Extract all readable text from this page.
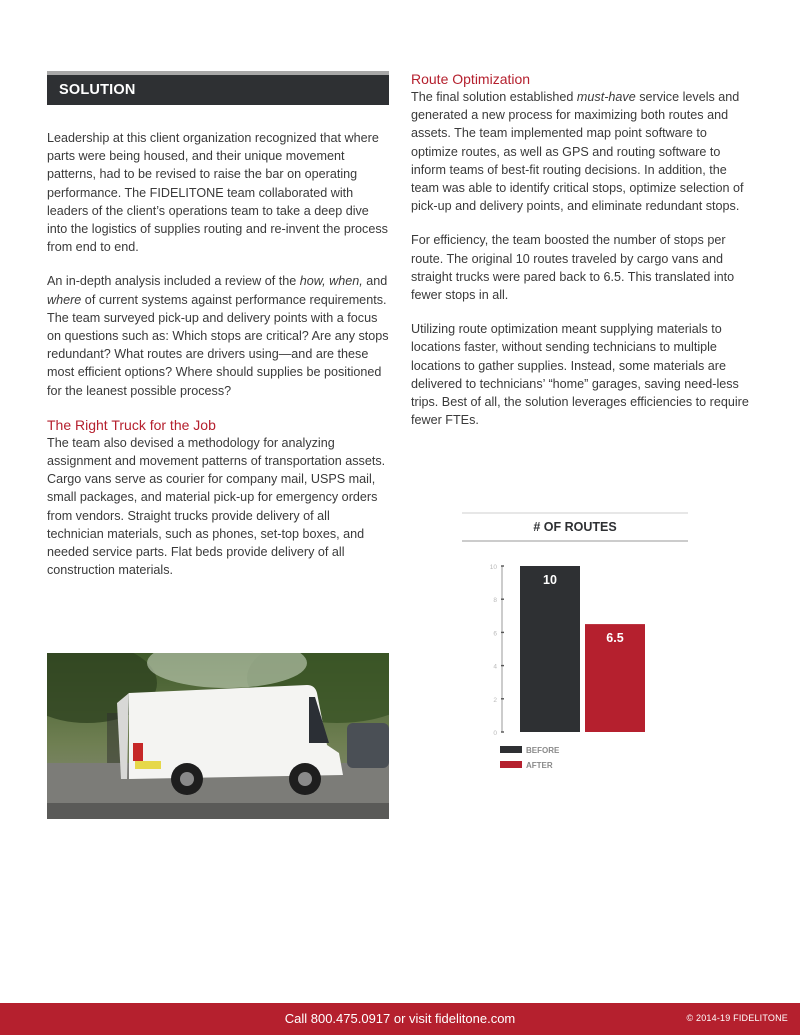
SOLUTION

Leadership at this client organization recognized that where parts were being housed, and their unique movement patterns, had to be revised to raise the bar on operating performance. The FIDELITONE team collaborated with leaders of the client’s operations team to take a deep dive into the logistics of supplies routing and re-invent the process from end to end.

An in-depth analysis included a review of the how, when, and where of current systems against performance requirements. The team surveyed pick-up and delivery points with a focus on questions such as: Which stops are critical? Are any stops redundant? What routes are drivers using—and are these most efficient options? Where should supplies be positioned for the leanest possible process?

The Right Truck for the Job

The team also devised a methodology for analyzing assignment and movement patterns of transportation assets. Cargo vans serve as courier for company mail, USPS mail, small packages, and material pick-up for emergency orders from vendors. Straight trucks provide delivery of all technician materials, such as phones, set-top boxes, and needed service parts. Flat beds provide delivery of all construction materials.

Route Optimization

The final solution established must-have service levels and generated a new process for maximizing both routes and assets. The team implemented map point software to optimize routes, as well as GPS and routing software to inform teams of best-fit routing decisions. In addition, the team was able to identify critical stops, optimize selection of pick-up and delivery points, and eliminate redundant stops.

For efficiency, the team boosted the number of stops per route. The original 10 routes traveled by cargo vans and straight trucks were pared back to 6.5. This translated into fewer stops in all.

Utilizing route optimization meant supplying materials to locations faster, without sending technicians to multiple locations to gather supplies. Instead, some materials are delivered to technicians’ “home” garages, saving need-less trips. Best of all, the solution leverages efficiencies to require fewer FTEs.

# OF ROUTES
0
2
4
6
8
10
10
6.5
BEFORE
AFTER
Call 800.475.0917 or visit fidelitone.com	© 2014-19 FIDELITONE
